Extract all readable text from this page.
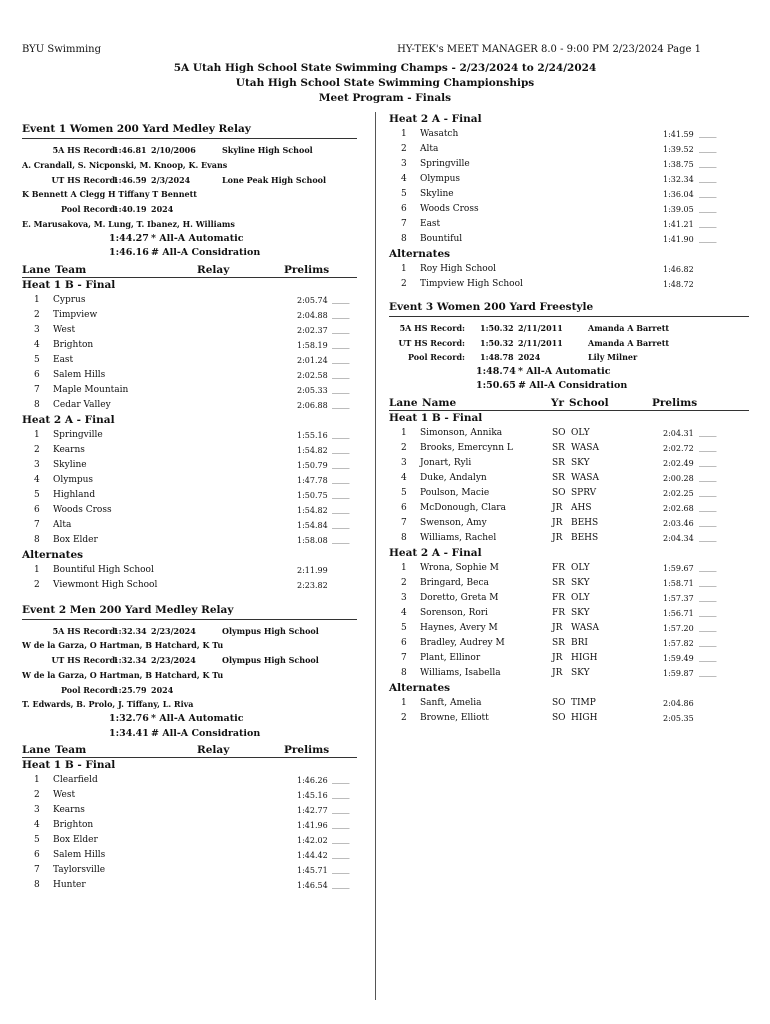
BYU Swimming	HY-TEK's MEET MANAGER 8.0 - 9:00 PM 2/23/2024 Page 1
5A Utah High School State Swimming Champs - 2/23/2024 to 2/24/2024
Utah High School State Swimming Championships
Meet Program - Finals
Event 1 Women 200 Yard Medley Relay
5A HS Record:
1:46.81 2/10/2006	Skyline High School
A. Crandall, S. Nicponski, M. Knoop, K. Evans
UT HS Record:
1:46.59 2/3/2024	Lone Peak High School
K Bennett A Clegg H Tiffany T Bennett
Pool Record:
1:40.19 2024
E. Marusakova, M. Lung, T. Ibanez, H. Williams
1:44.27 * All-A Automatic
1:46.16 # All-A Considration
Lane Team	Relay	Prelims
Heat 1 B - Final
1 Cyprus	2:05.74 _____
2 Timpview	2:04.88 _____
3 West	2:02.37 _____
4 Brighton	1:58.19 _____
5 East	2:01.24 _____
6 Salem Hills	2:02.58 _____
7 Maple Mountain	2:05.33 _____
8 Cedar Valley	2:06.88 _____
Heat 2 A - Final
1 Springville	1:55.16 _____
2 Kearns	1:54.82 _____
3 Skyline	1:50.79 _____
4 Olympus	1:47.78 _____
5 Highland	1:50.75 _____
6 Woods Cross	1:54.82 _____
7 Alta	1:54.84 _____
8 Box Elder	1:58.08 _____
Alternates
1 Bountiful High School	2:11.99
2 Viewmont High School	2:23.82
Event 2 Men 200 Yard Medley Relay
5A HS Record:
1:32.34 2/23/2024	Olympus High School
W de la Garza, O Hartman, B Hatchard, K Tu
UT HS Record:
1:32.34 2/23/2024	Olympus High School
W de la Garza, O Hartman, B Hatchard, K Tu
Pool Record:
1:25.79 2024
T. Edwards, B. Prolo, J. Tiffany, L. Riva
1:32.76 * All-A Automatic
1:34.41 # All-A Considration
Lane Team	Relay	Prelims
Heat 1 B - Final
1 Clearfield	1:46.26 _____
2 West	1:45.16 _____
3 Kearns	1:42.77 _____
4 Brighton	1:41.96 _____
5 Box Elder	1:42.02 _____
6 Salem Hills	1:44.42 _____
7 Taylorsville	1:45.71 _____
8 Hunter	1:46.54 _____
Heat 2 A - Final
1 Wasatch	1:41.59 _____
2 Alta	1:39.52 _____
3 Springville	1:38.75 _____
4 Olympus	1:32.34 _____
5 Skyline	1:36.04 _____
6 Woods Cross	1:39.05 _____
7 East	1:41.21 _____
8 Bountiful	1:41.90 _____
Alternates
1 Roy High School	1:46.82
2 Timpview High School	1:48.72
Event 3 Women 200 Yard Freestyle
5A HS Record: 1:50.32 2/11/2011	Amanda A Barrett
UT HS Record: 1:50.32 2/11/2011	Amanda A Barrett
Pool Record: 1:48.78 2024	Lily Milner
1:48.74 * All-A Automatic
1:50.65 # All-A Considration
Lane Name	Yr School	Prelims
Heat 1 B - Final
1 Simonson, Annika	SO OLY	2:04.31 _____
2 Brooks, Emercynn L	SR WASA	2:02.72 _____
3 Jonart, Ryli	SR SKY	2:02.49 _____
4 Duke, Andalyn	SR WASA	2:00.28 _____
5 Poulson, Macie	SO SPRV	2:02.25 _____
6 McDonough, Clara	JR AHS	2:02.68 _____
7 Swenson, Amy	JR BEHS	2:03.46 _____
8 Williams, Rachel	JR BEHS	2:04.34 _____
Heat 2 A - Final
1 Wrona, Sophie M	FR OLY	1:59.67 _____
2 Bringard, Beca	SR SKY	1:58.71 _____
3 Doretto, Greta M	FR OLY	1:57.37 _____
4 Sorenson, Rori	FR SKY	1:56.71 _____
5 Haynes, Avery M	JR WASA	1:57.20 _____
6 Bradley, Audrey M	SR BRI	1:57.82 _____
7 Plant, Ellinor	JR HIGH	1:59.49 _____
8 Williams, Isabella	JR SKY	1:59.87 _____
Alternates
1 Sanft, Amelia	SO TIMP	2:04.86
2 Browne, Elliott	SO HIGH	2:05.35
